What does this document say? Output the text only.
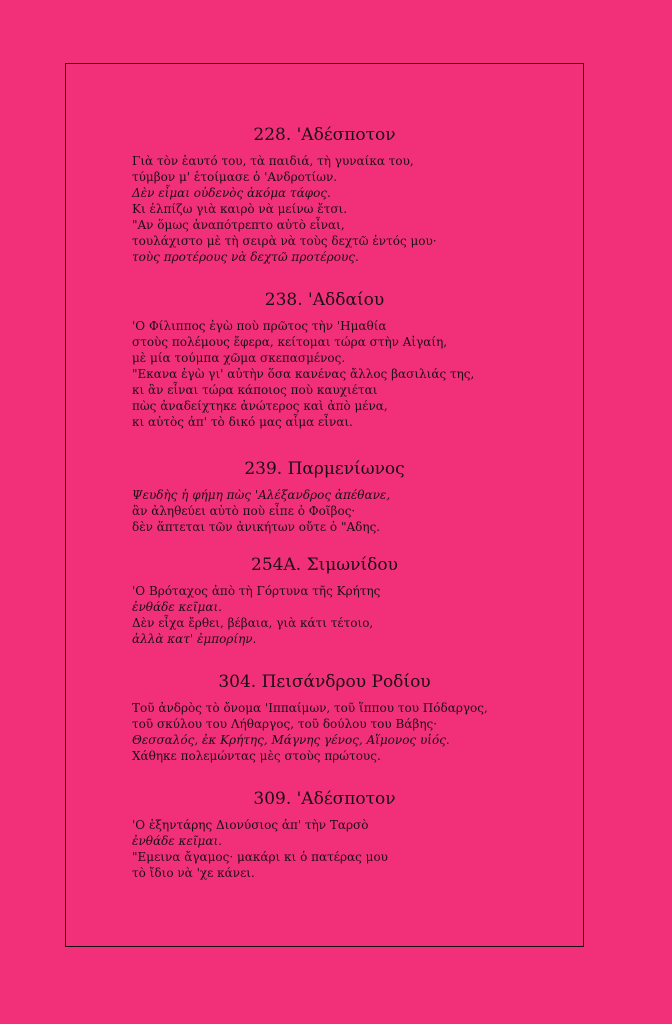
228. 'Αδέσποτον
Γιὰ τὸν ἑαυτό του, τὰ παιδιά, τὴ γυναίκα του,
τύμβον μ' ἑτοίμασε ὁ 'Ανδροτίων.
Δὲν εἶμαι οὐδενὸς ἀκόμα τάφος.
Κι ἐλπίζω γιὰ καιρὸ νὰ μείνω ἔτσι.
"Αν ὅμως ἀναπότρεπτο αὐτὸ εἶναι,
τουλάχιστο μὲ τὴ σειρὰ νὰ τοὺς δεχτῶ ἐντός μου·
τοὺς προτέρους νὰ δεχτῶ προτέρους.
238. 'Αδδαίου
'Ο Φίλιππος ἐγὼ ποὺ πρῶτος τὴν 'Ημαθία
στοὺς πολέμους ἔφερα, κείτομαι τώρα στὴν Αἰγαίη,
μὲ μία τούμπα χῶμα σκεπασμένος.
"Εκανα ἐγὼ γι' αὐτὴν ὅσα κανένας ἄλλος βασιλιάς της,
κι ἂν εἶναι τώρα κάποιος ποὺ καυχιέται
πὼς ἀναδείχτηκε ἀνώτερος καὶ ἀπὸ μένα,
κι αὐτὸς ἀπ' τὸ δικό μας αἷμα εἶναι.
239. Παρμενίωνος
Ψευδὴς ἡ φήμη πὼς 'Αλέξανδρος ἀπέθανε,
ἂν ἀληθεύει αὐτὸ ποὺ εἶπε ὁ Φοῖβος·
δὲν ἅπτεται τῶν ἀνικήτων οὔτε ὁ "Αδης.
254Α. Σιμωνίδου
'Ο Βρόταχος ἀπὸ τὴ Γόρτυνα τῆς Κρήτης
ἐνθάδε κεῖμαι.
Δὲν εἶχα ἔρθει, βέβαια, γιὰ κάτι τέτοιο,
ἀλλὰ κατ' ἐμπορίην.
304. Πεισάνδρου Ροδίου
Τοῦ ἀνδρὸς τὸ ὄνομα 'Ιππαίμων, τοῦ ἵππου του Πόδαργος,
τοῦ σκύλου του Λήθαργος, τοῦ δούλου του Βάβης·
Θεσσαλός, ἐκ Κρήτης, Μάγνης γένος, Αἵμονος υἱός.
Χάθηκε πολεμώντας μὲς στοὺς πρώτους.
309. 'Αδέσποτον
'Ο ἑξηντάρης Διονύσιος ἀπ' τὴν Ταρσὸ
ἐνθάδε κεῖμαι.
"Εμεινα ἄγαμος· μακάρι κι ὁ πατέρας μου
τὸ ἴδιο νὰ 'χε κάνει.
